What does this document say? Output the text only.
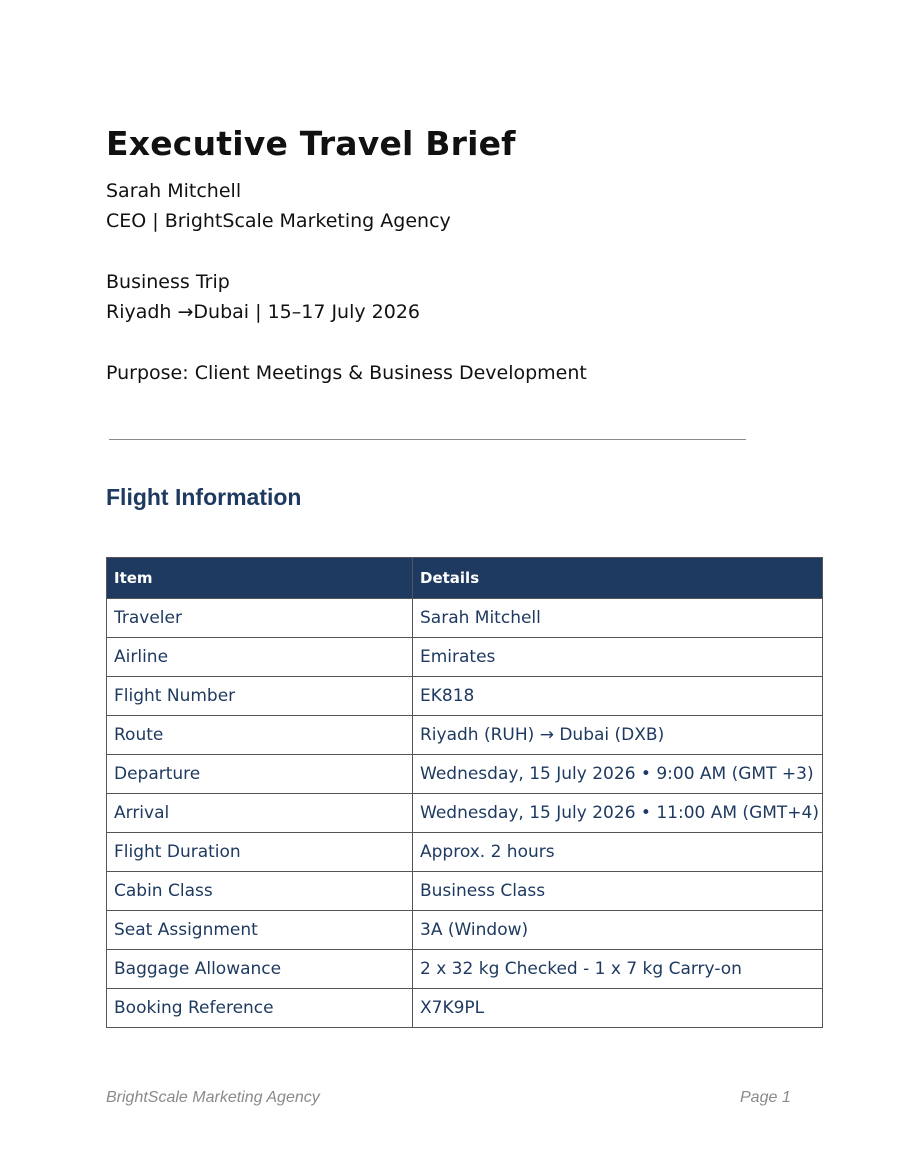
Executive Travel Brief
Sarah Mitchell
CEO | BrightScale Marketing Agency
Business Trip
Riyadh →Dubai | 15–17 July 2026
Purpose: Client Meetings & Business Development
Flight Information
Item	Details
Traveler	Sarah Mitchell
Airline	Emirates
Flight Number	EK818
Route	Riyadh (RUH) → Dubai (DXB)
Departure	Wednesday, 15 July 2026 • 9:00 AM (GMT +3)
Arrival	Wednesday, 15 July 2026 • 11:00 AM (GMT+4)
Flight Duration	Approx. 2 hours
Cabin Class	Business Class
Seat Assignment	3A (Window)
Baggage Allowance	2 x 32 kg Checked - 1 x 7 kg Carry-on
Booking Reference	X7K9PL
BrightScale Marketing Agency	Page 1
